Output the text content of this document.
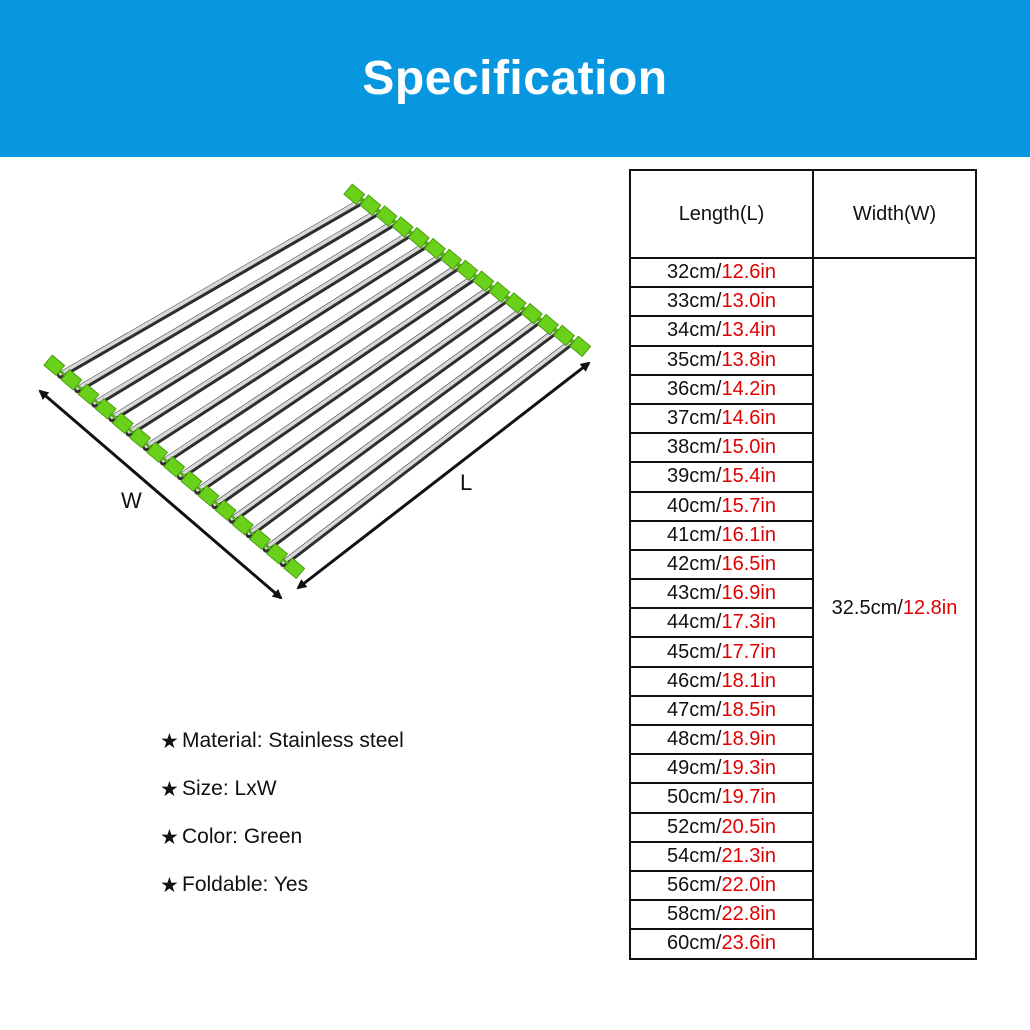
Specification
W
L
★ Material: Stainless steel
★ Size: LxW
★ Color: Green
★ Foldable: Yes
Length(L)	Width(W)
32cm/12.6in	32.5cm/12.8in
33cm/13.0in	
34cm/13.4in	
35cm/13.8in	
36cm/14.2in	
37cm/14.6in	
38cm/15.0in	
39cm/15.4in	
40cm/15.7in	
41cm/16.1in	
42cm/16.5in	
43cm/16.9in	
44cm/17.3in	
45cm/17.7in	
46cm/18.1in	
47cm/18.5in	
48cm/18.9in	
49cm/19.3in	
50cm/19.7in	
52cm/20.5in	
54cm/21.3in	
56cm/22.0in	
58cm/22.8in	
60cm/23.6in	
